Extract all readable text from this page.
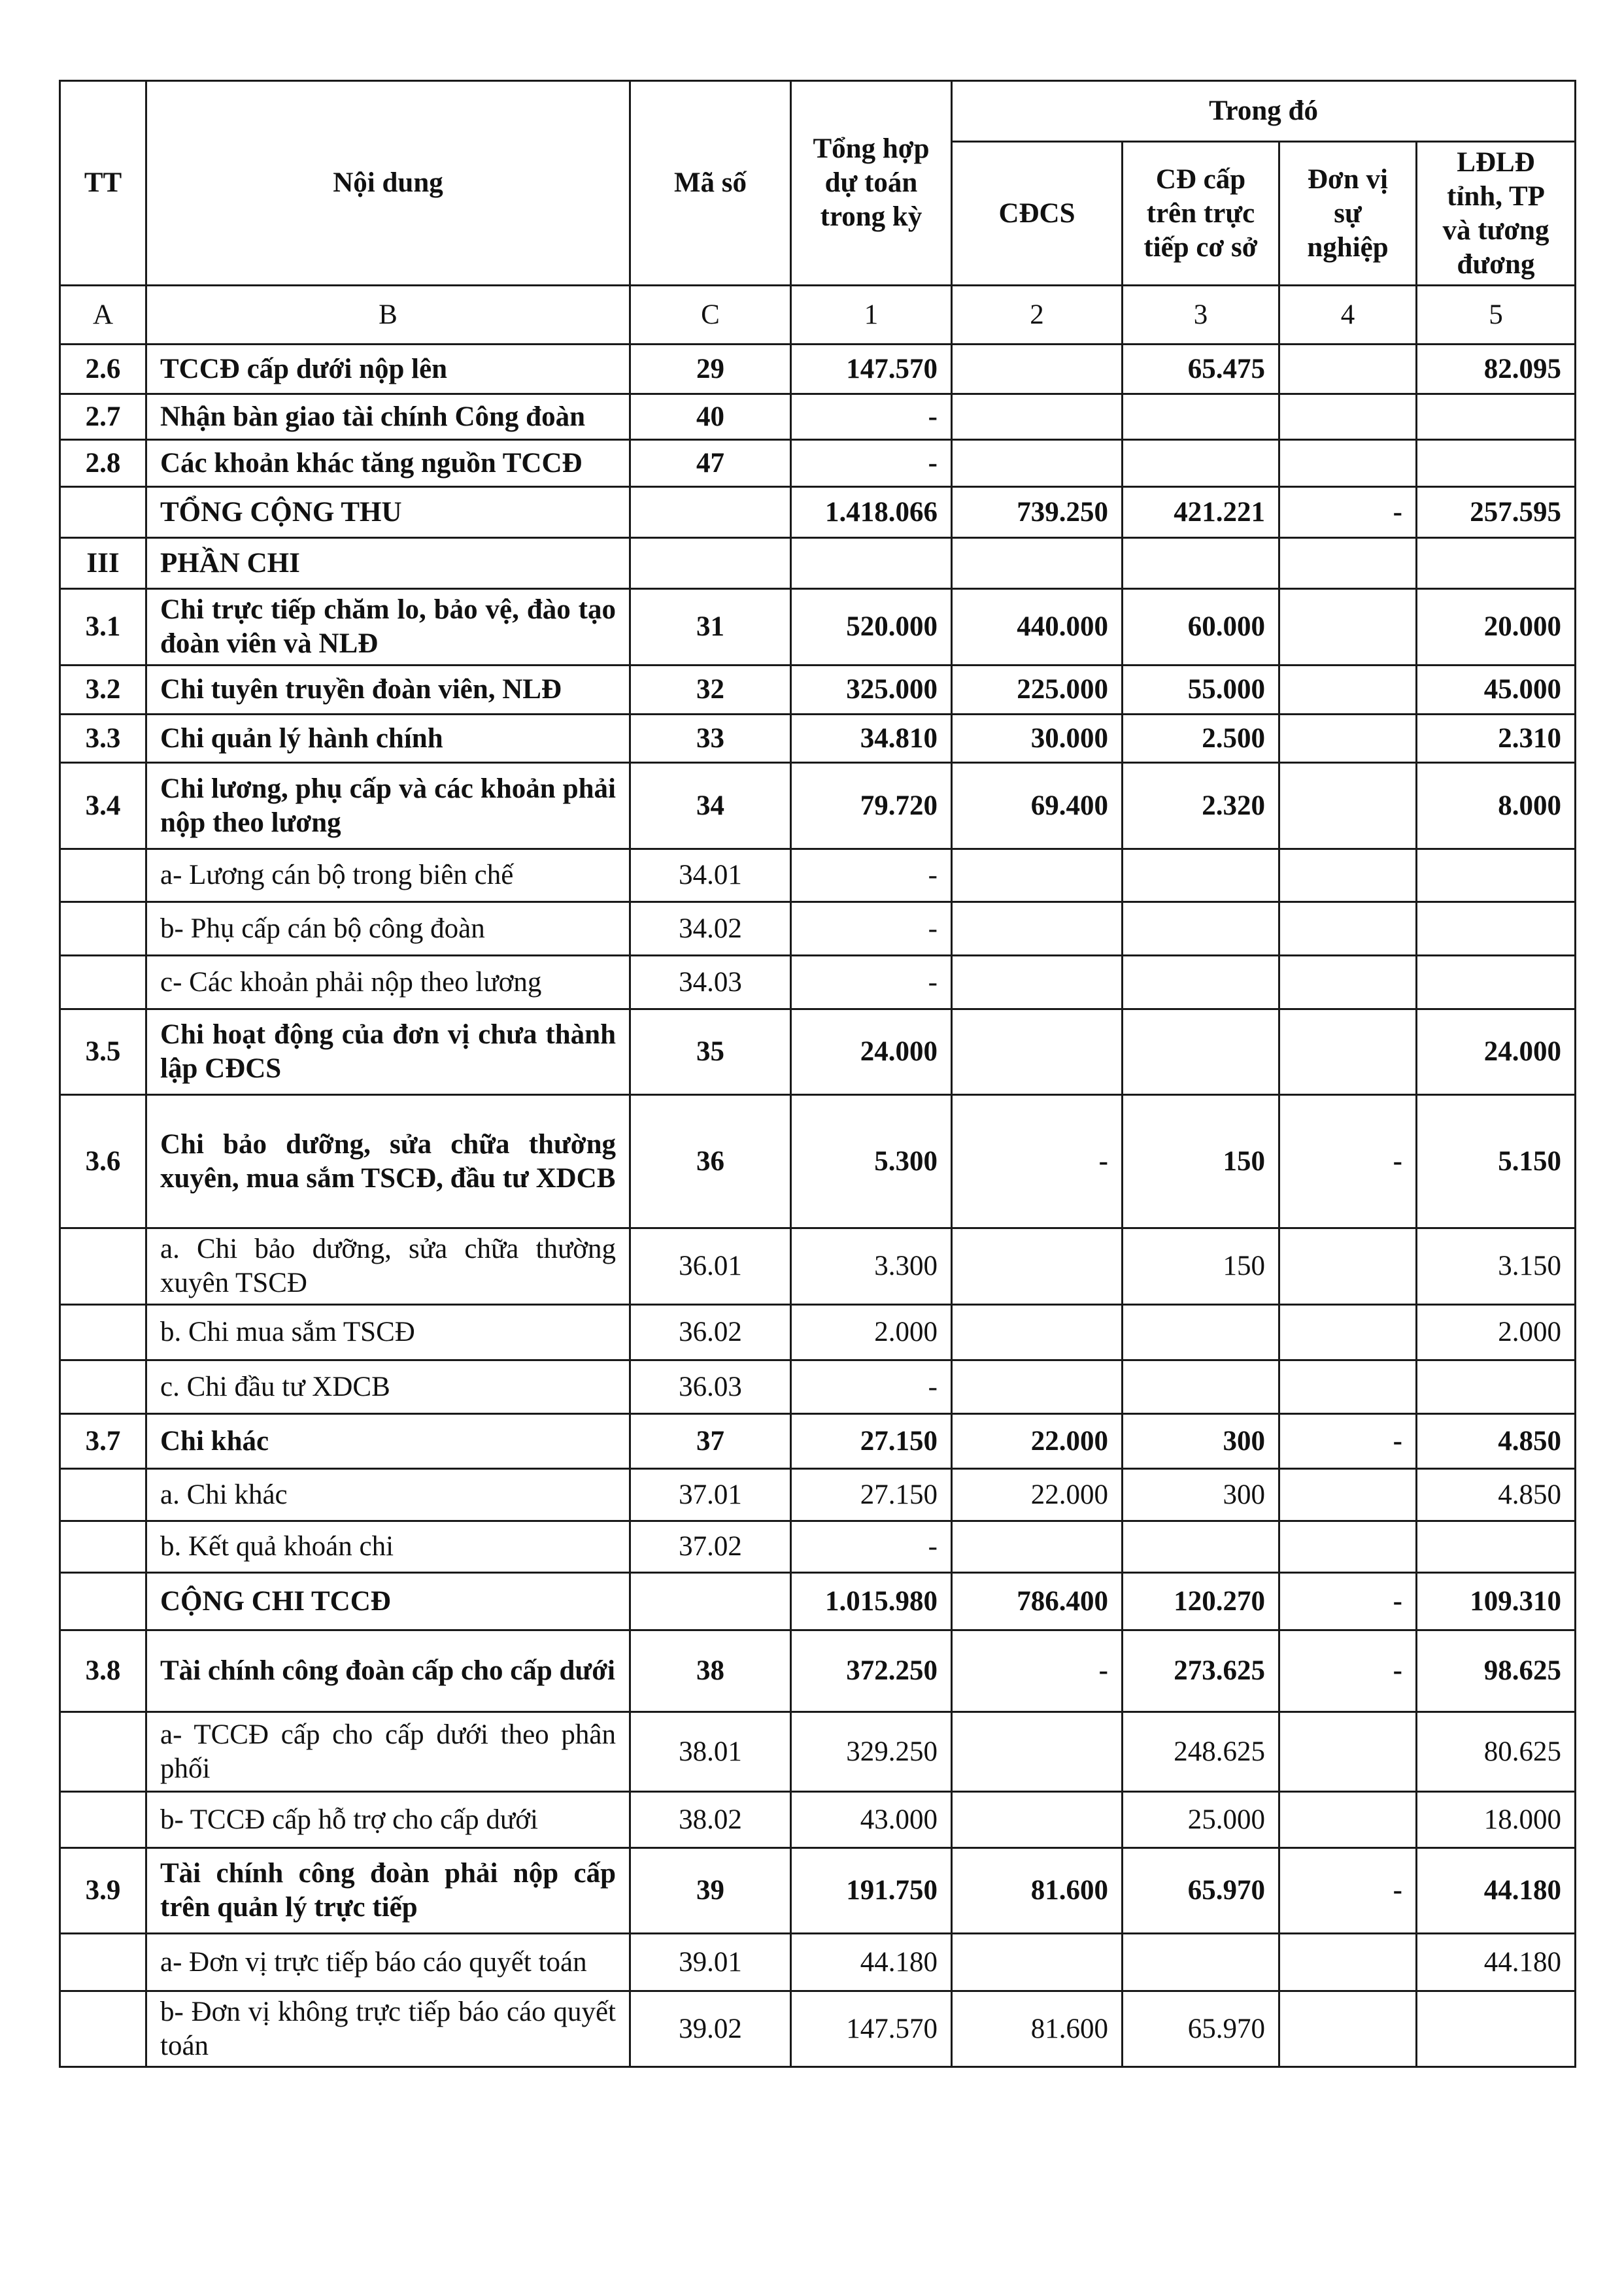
TT	Nội dung	Mã số	Tổng hợp dự toán trong kỳ	Trong đó			
				CĐCS	CĐ cấp trên trực tiếp cơ sở	Đơn vị sự nghiệp	LĐLĐ tỉnh, TP và tương đương
A	B	C	1	2	3	4	5
2.6	TCCĐ cấp dưới nộp lên	29	147.570		65.475		82.095
2.7	Nhận bàn giao tài chính Công đoàn	40	-				
2.8	Các khoản khác tăng nguồn TCCĐ	47	-				
	TỔNG CỘNG THU		1.418.066	739.250	421.221	-	257.595
III	PHẦN CHI						
3.1	Chi trực tiếp chăm lo, bảo vệ, đào tạo đoàn viên và NLĐ	31	520.000	440.000	60.000		20.000
3.2	Chi tuyên truyền đoàn viên, NLĐ	32	325.000	225.000	55.000		45.000
3.3	Chi quản lý hành chính	33	34.810	30.000	2.500		2.310
3.4	Chi lương, phụ cấp và các khoản phải nộp theo lương	34	79.720	69.400	2.320		8.000
	a- Lương cán bộ trong biên chế	34.01	-				
	b- Phụ cấp cán bộ công đoàn	34.02	-				
	c- Các khoản phải nộp theo lương	34.03	-				
3.5	Chi hoạt động của đơn vị chưa thành lập CĐCS	35	24.000				24.000
3.6	Chi bảo dưỡng, sửa chữa thường xuyên, mua sắm TSCĐ, đầu tư XDCB	36	5.300	-	150	-	5.150
	a. Chi bảo dưỡng, sửa chữa thường xuyên TSCĐ	36.01	3.300		150		3.150
	b. Chi mua sắm TSCĐ	36.02	2.000				2.000
	c. Chi đầu tư XDCB	36.03	-				
3.7	Chi khác	37	27.150	22.000	300	-	4.850
	a. Chi khác	37.01	27.150	22.000	300		4.850
	b. Kết quả khoán chi	37.02	-				
	CỘNG CHI TCCĐ		1.015.980	786.400	120.270	-	109.310
3.8	Tài chính công đoàn cấp cho cấp dưới	38	372.250	-	273.625	-	98.625
	a- TCCĐ cấp cho cấp dưới theo phân phối	38.01	329.250		248.625		80.625
	b- TCCĐ cấp hỗ trợ cho cấp dưới	38.02	43.000		25.000		18.000
3.9	Tài chính công đoàn phải nộp cấp trên quản lý trực tiếp	39	191.750	81.600	65.970	-	44.180
	a- Đơn vị trực tiếp báo cáo quyết toán	39.01	44.180				44.180
	b- Đơn vị không trực tiếp báo cáo quyết toán	39.02	147.570	81.600	65.970		
